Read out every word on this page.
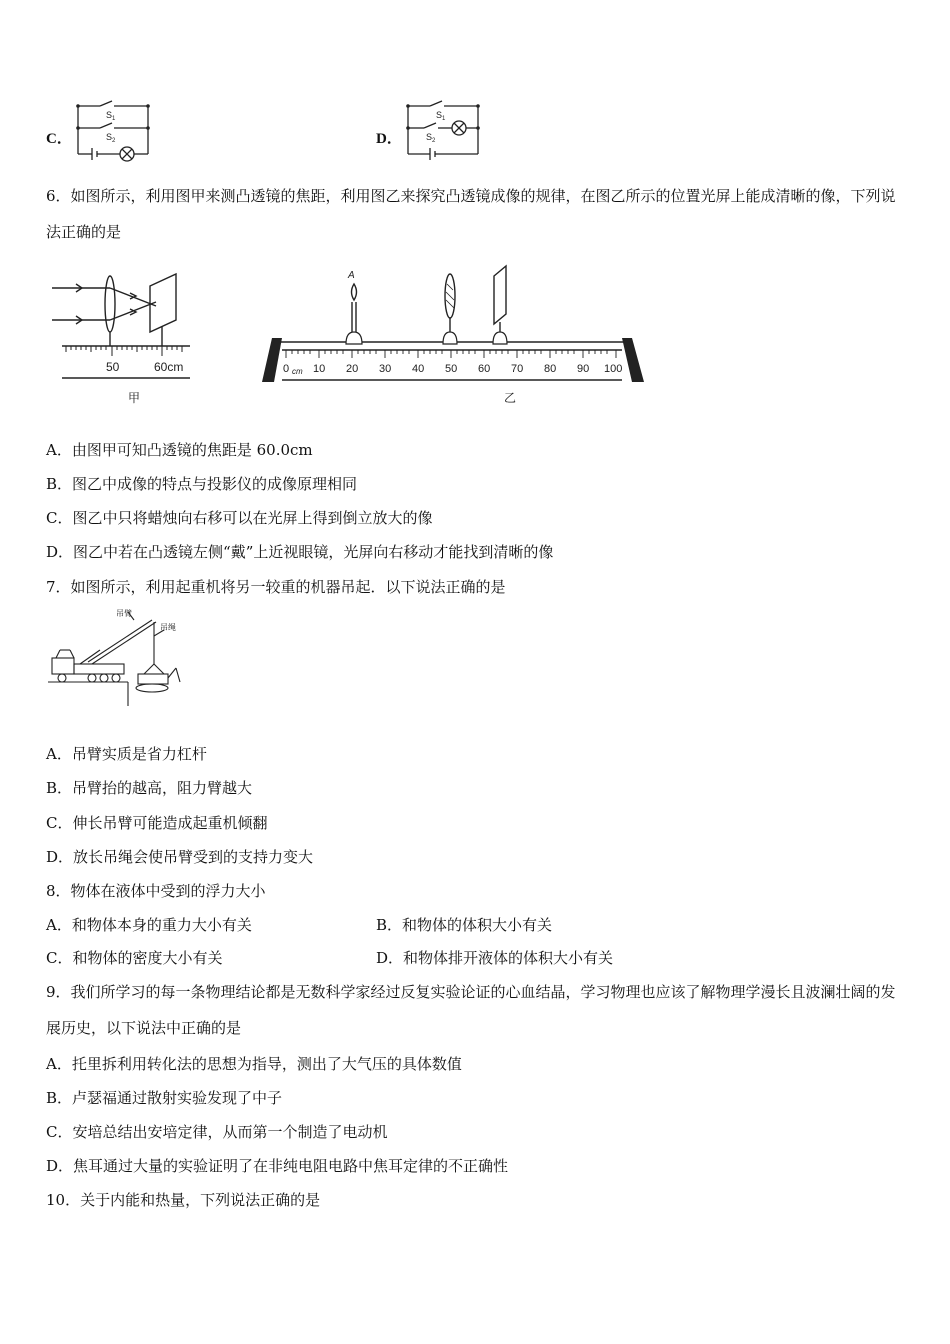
C．
$S_1$
$S_2$	D．
$S_1$
$S_2$
6．如图所示，利用图甲来测凸透镜的焦距，利用图乙来探究凸透镜成像的规律，在图乙所示的位置光屏上能成清晰的像，下列说法正确的是
50	60cm
甲
A
0 cm 10 20 30 40 50 60 70 80 90 100
乙
A．由图甲可知凸透镜的焦距是 60.0cm
B．图乙中成像的特点与投影仪的成像原理相同
C．图乙中只将蜡烛向右移可以在光屏上得到倒立放大的像
D．图乙中若在凸透镜左侧“戴”上近视眼镜，光屏向右移动才能找到清晰的像
7．如图所示，利用起重机将另一较重的机器吊起．以下说法正确的是
吊臂
吊绳
A．吊臂实质是省力杠杆
B．吊臂抬的越高，阻力臂越大
C．伸长吊臂可能造成起重机倾翻
D．放长吊绳会使吊臂受到的支持力变大
8．物体在液体中受到的浮力大小
A．和物体本身的重力大小有关	B．和物体的体积大小有关
C．和物体的密度大小有关	D．和物体排开液体的体积大小有关
9．我们所学习的每一条物理结论都是无数科学家经过反复实验论证的心血结晶，学习物理也应该了解物理学漫长且波澜壮阔的发展历史，以下说法中正确的是
A．托里拆利用转化法的思想为指导，测出了大气压的具体数值
B．卢瑟福通过散射实验发现了中子
C．安培总结出安培定律，从而第一个制造了电动机
D．焦耳通过大量的实验证明了在非纯电阻电路中焦耳定律的不正确性
10．关于内能和热量，下列说法正确的是
